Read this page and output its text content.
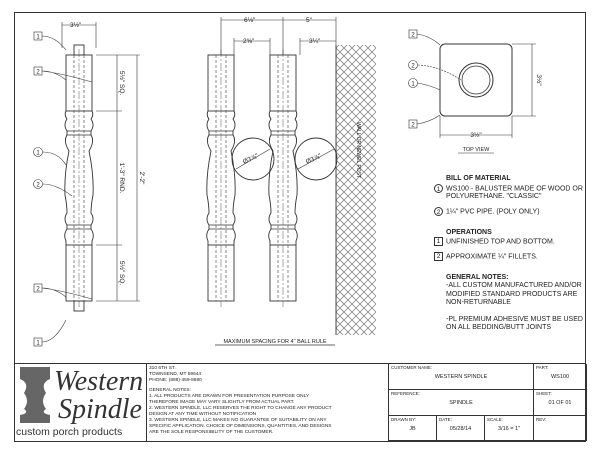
3½"
5½" SQ.
1'-3" RND.
5½" SQ.
2'-2"
1
2
1
2
2
1
6⅛"	5"
2⅝"	3¼"
Ø3⅞"	Ø3⅞"	WALL OR NEWEL POST
MAXIMUM SPACING FOR 4" BALL RULE
2
2
1
2
3½"
3½"
TOP VIEW
BILL OF MATERIAL
1 WS100 - BALUSTER MADE OF WOOD OR
POLYURETHANE. "CLASSIC"
2 1¼" PVC PIPE. (POLY ONLY)
OPERATIONS
1 UNFINISHED TOP AND BOTTOM.
2 APPROXIMATE ¼" FILLETS.
GENERAL NOTES:
-ALL CUSTOM MANUFACTURED AND/OR
MODIFIED STANDARD PRODUCTS ARE
NON-RETURNABLE
-PL PREMIUM ADHESIVE MUST BE USED
ON ALL BEDDING/BUTT JOINTS
Western
Spindle
custom porch products
310 6TH ST.
TOWNSEND, MT 59644
PHONE: (888)-459-8680
GENERAL NOTES:
1. ALL PRODUCTS ARE DRAWN FOR PRESENTATION PURPOSE ONLY
THEREFORE IMAGE MAY VARY SLIGHTLY FROM ACTUAL PART.
2. WESTERN SPINDLE, LLC RESERVES THE RIGHT TO CHANGE ANY PRODUCT
DESIGN AT ANY TIME WITHOUT NOTIFICATION
3. WESTERN SPINDLE, LLC MAKES NO GUARANTEE OF SUITABILITY ON ANY
SPECIFIC APPLICATION. CHOICE OF DIMENSIONS, QUANTITIES, AND DESIGNS
ARE THE SOLE RESPONSIBILITY OF THE CUSTOMER.
CUSTOMER NAME:
WESTERN SPINDLE
PART:
WS100
REFERENCE:
SPINDLE
SHEET:
01 OF 01
DRAWN BY:
JB
DATE:
05/28/14
SCALE:
3/16 = 1"
REV:
